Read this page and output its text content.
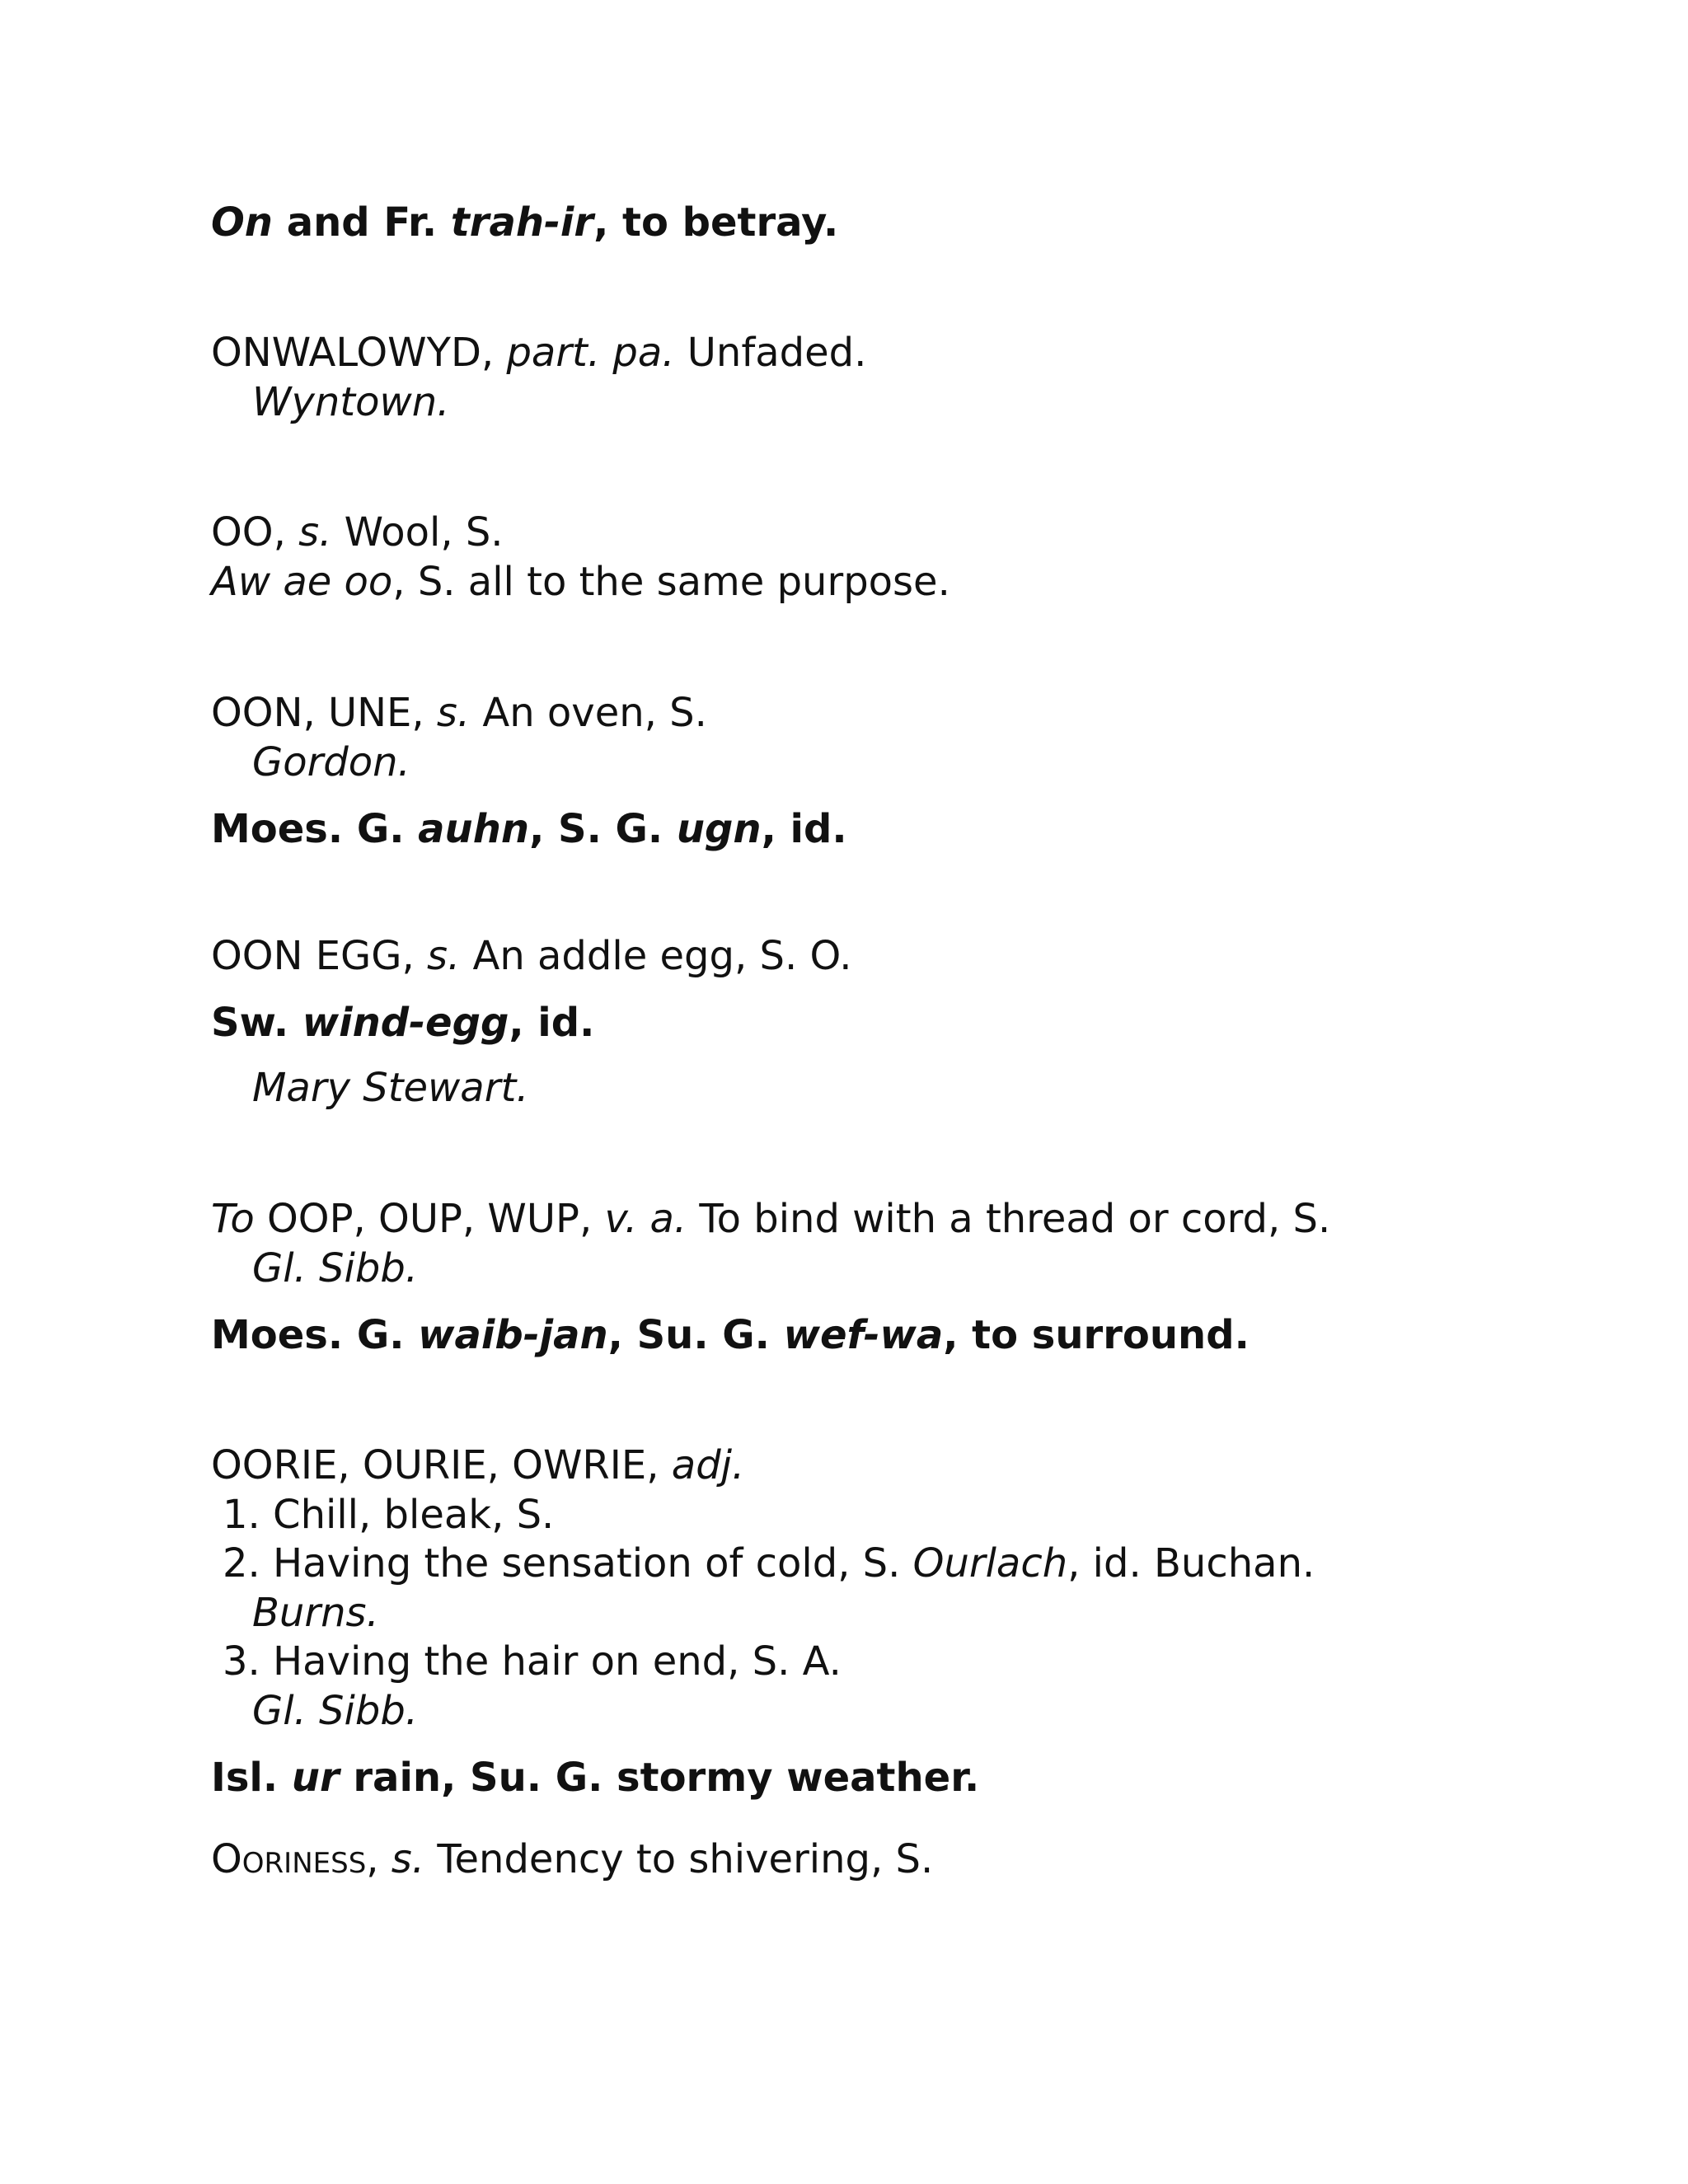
On and Fr. trah-ir, to betray.
ONWALOWYD, part. pa. Unfaded.
Wyntown.
OO, s. Wool, S.
Aw ae oo, S. all to the same purpose.
OON, UNE, s. An oven, S.
Gordon.
Moes. G. auhn, S. G. ugn, id.
OON EGG, s. An addle egg, S. O.
Sw. wind-egg, id.
Mary Stewart.
To OOP, OUP, WUP, v. a. To bind with a thread or cord, S.
Gl. Sibb.
Moes. G. waib-jan, Su. G. wef-wa, to surround.
OORIE, OURIE, OWRIE, adj.
1. Chill, bleak, S.
2. Having the sensation of cold, S. Ourlach, id. Buchan.
Burns.
3. Having the hair on end, S. A.
Gl. Sibb.
Isl. ur rain, Su. G. stormy weather.
OORINESS, s. Tendency to shivering, S.
